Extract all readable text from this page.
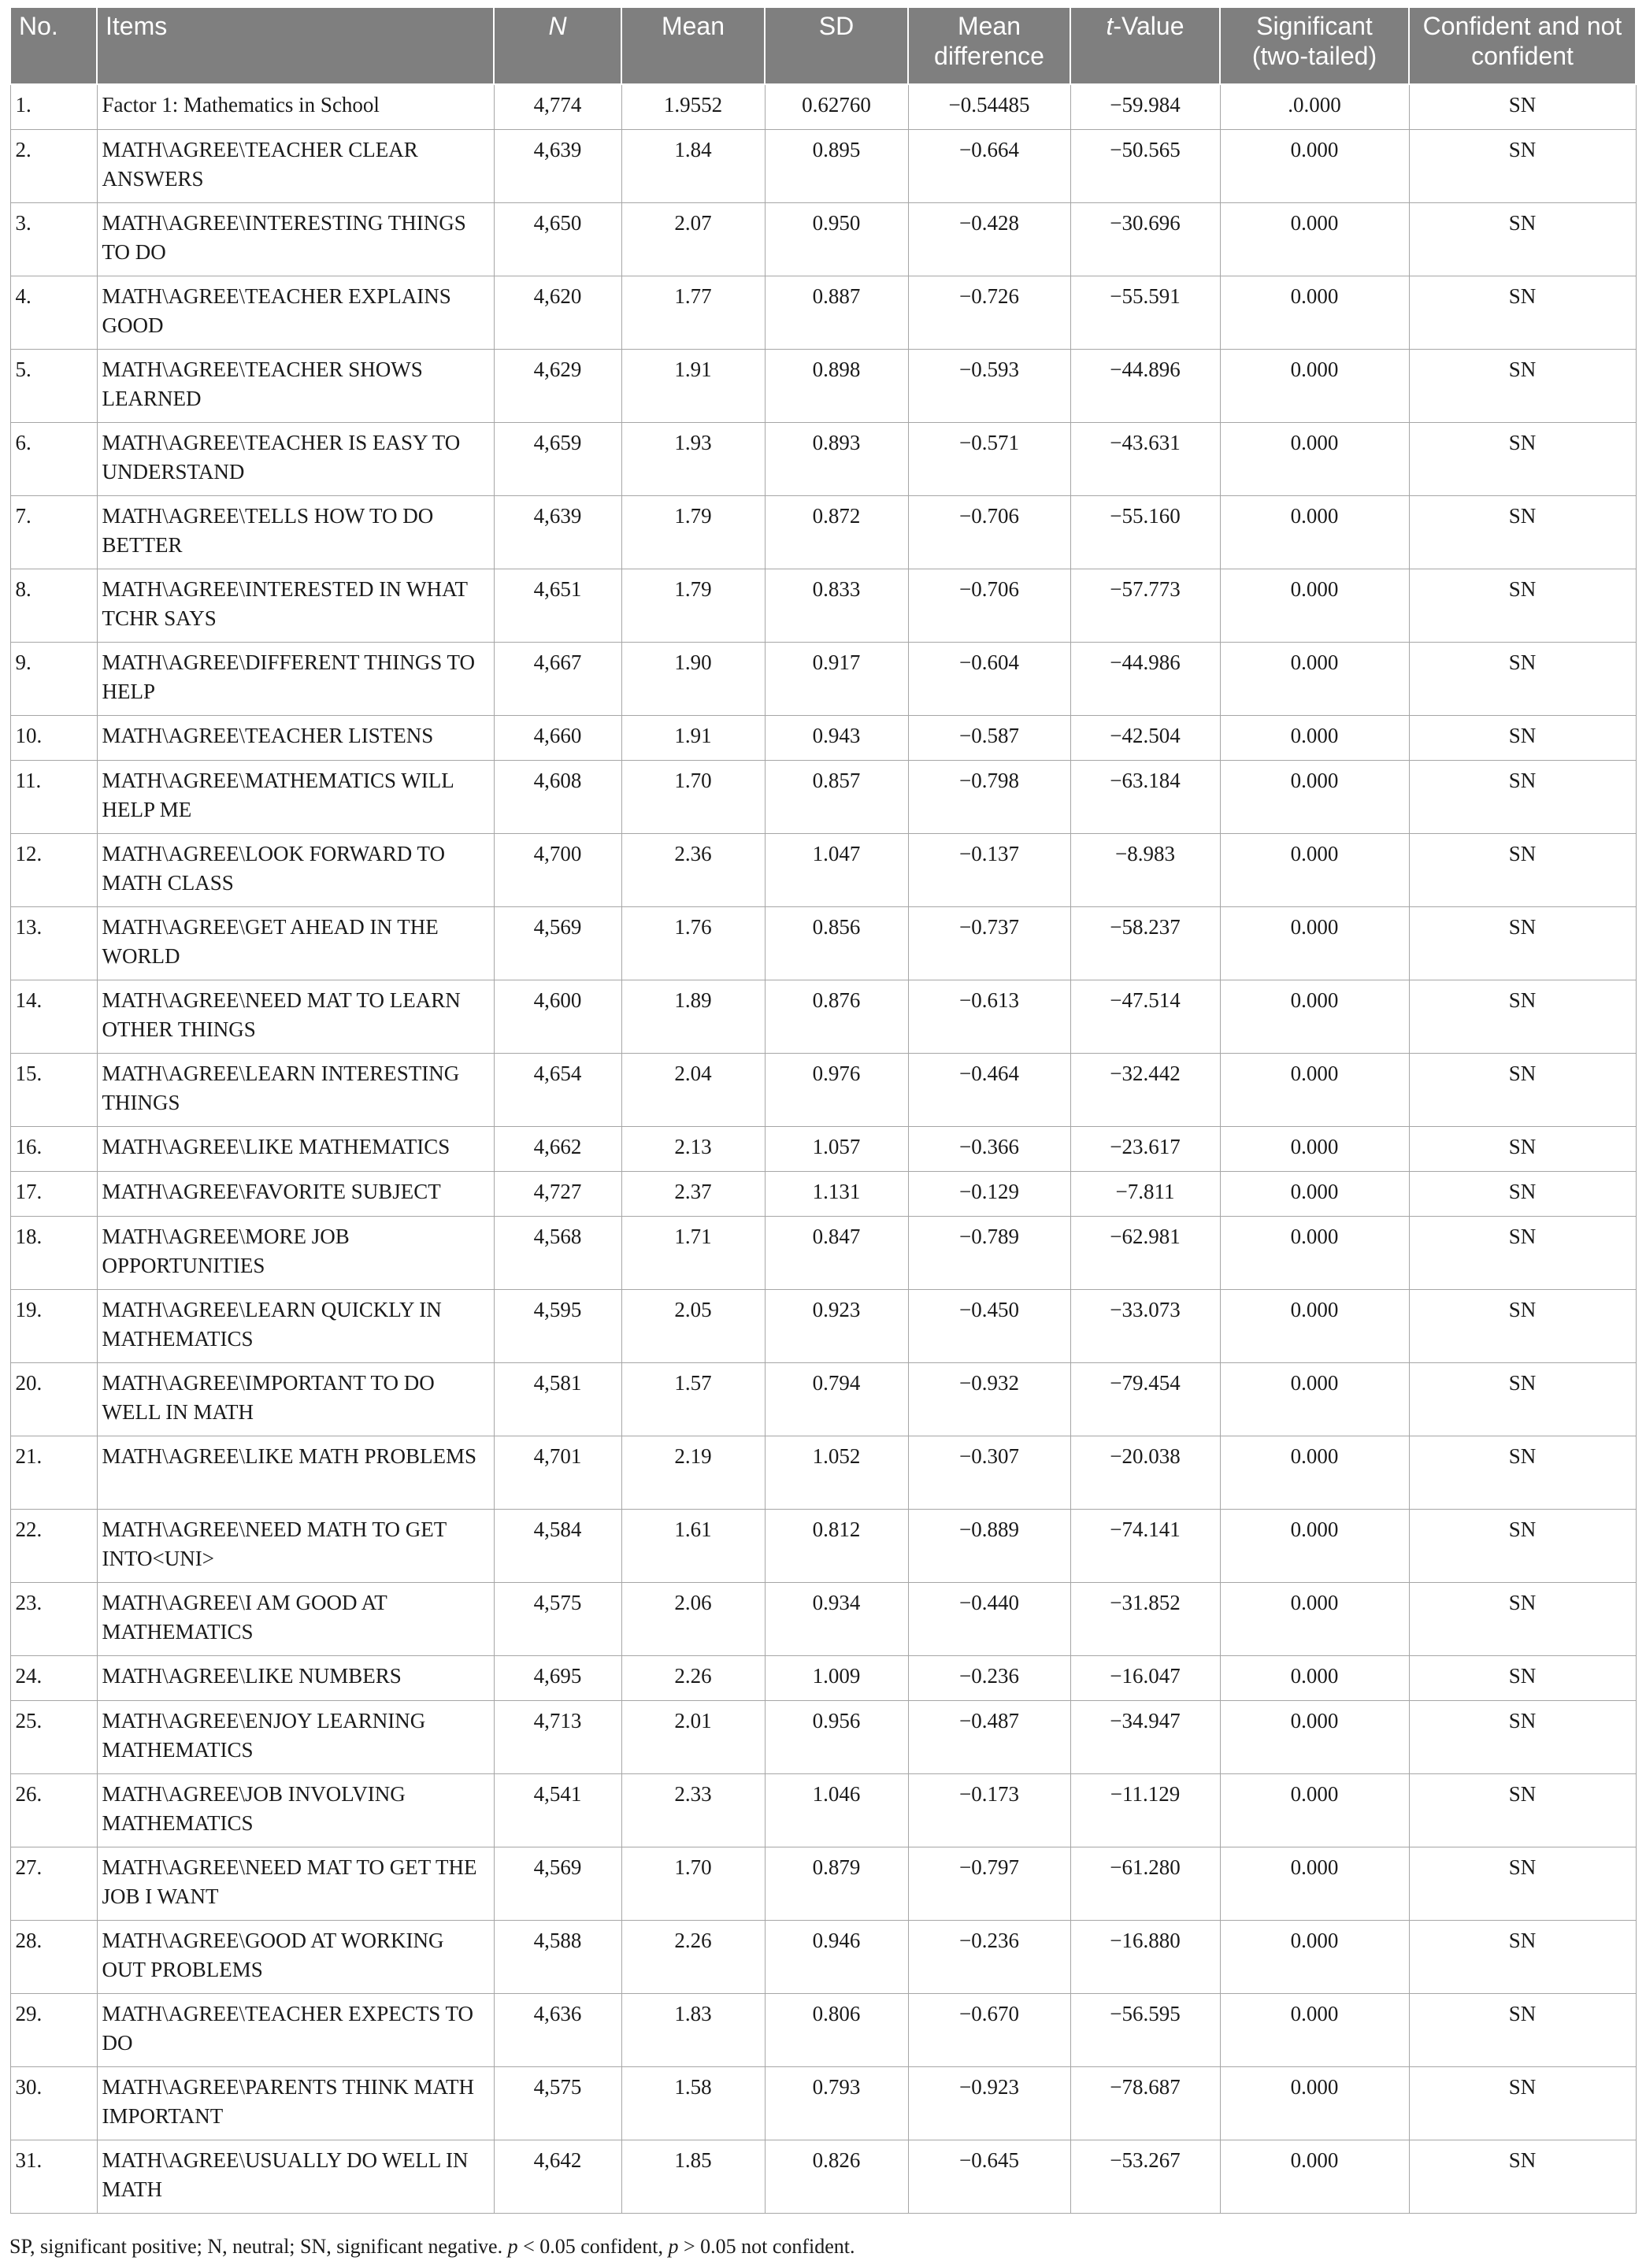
No.	Items	N	Mean	SD	Mean difference	t-Value	Significant (two-tailed)	Confident and not confident
1.	Factor 1: Mathematics in School	4,774	1.9552	0.62760	−0.54485	−59.984	.0.000	SN
2.	MATH\AGREE\TEACHER CLEAR ANSWERS	4,639	1.84	0.895	−0.664	−50.565	0.000	SN
3.	MATH\AGREE\INTERESTING THINGS TO DO	4,650	2.07	0.950	−0.428	−30.696	0.000	SN
4.	MATH\AGREE\TEACHER EXPLAINS GOOD	4,620	1.77	0.887	−0.726	−55.591	0.000	SN
5.	MATH\AGREE\TEACHER SHOWS LEARNED	4,629	1.91	0.898	−0.593	−44.896	0.000	SN
6.	MATH\AGREE\TEACHER IS EASY TO UNDERSTAND	4,659	1.93	0.893	−0.571	−43.631	0.000	SN
7.	MATH\AGREE\TELLS HOW TO DO BETTER	4,639	1.79	0.872	−0.706	−55.160	0.000	SN
8.	MATH\AGREE\INTERESTED IN WHAT TCHR SAYS	4,651	1.79	0.833	−0.706	−57.773	0.000	SN
9.	MATH\AGREE\DIFFERENT THINGS TO HELP	4,667	1.90	0.917	−0.604	−44.986	0.000	SN
10.	MATH\AGREE\TEACHER LISTENS	4,660	1.91	0.943	−0.587	−42.504	0.000	SN
11.	MATH\AGREE\MATHEMATICS WILL HELP ME	4,608	1.70	0.857	−0.798	−63.184	0.000	SN
12.	MATH\AGREE\LOOK FORWARD TO MATH CLASS	4,700	2.36	1.047	−0.137	−8.983	0.000	SN
13.	MATH\AGREE\GET AHEAD IN THE WORLD	4,569	1.76	0.856	−0.737	−58.237	0.000	SN
14.	MATH\AGREE\NEED MAT TO LEARN OTHER THINGS	4,600	1.89	0.876	−0.613	−47.514	0.000	SN
15.	MATH\AGREE\LEARN INTERESTING THINGS	4,654	2.04	0.976	−0.464	−32.442	0.000	SN
16.	MATH\AGREE\LIKE MATHEMATICS	4,662	2.13	1.057	−0.366	−23.617	0.000	SN
17.	MATH\AGREE\FAVORITE SUBJECT	4,727	2.37	1.131	−0.129	−7.811	0.000	SN
18.	MATH\AGREE\MORE JOB OPPORTUNITIES	4,568	1.71	0.847	−0.789	−62.981	0.000	SN
19.	MATH\AGREE\LEARN QUICKLY IN MATHEMATICS	4,595	2.05	0.923	−0.450	−33.073	0.000	SN
20.	MATH\AGREE\IMPORTANT TO DO WELL IN MATH	4,581	1.57	0.794	−0.932	−79.454	0.000	SN
21.	MATH\AGREE\LIKE MATH PROBLEMS	4,701	2.19	1.052	−0.307	−20.038	0.000	SN
22.	MATH\AGREE\NEED MATH TO GET INTO<UNI>	4,584	1.61	0.812	−0.889	−74.141	0.000	SN
23.	MATH\AGREE\I AM GOOD AT MATHEMATICS	4,575	2.06	0.934	−0.440	−31.852	0.000	SN
24.	MATH\AGREE\LIKE NUMBERS	4,695	2.26	1.009	−0.236	−16.047	0.000	SN
25.	MATH\AGREE\ENJOY LEARNING MATHEMATICS	4,713	2.01	0.956	−0.487	−34.947	0.000	SN
26.	MATH\AGREE\JOB INVOLVING MATHEMATICS	4,541	2.33	1.046	−0.173	−11.129	0.000	SN
27.	MATH\AGREE\NEED MAT TO GET THE JOB I WANT	4,569	1.70	0.879	−0.797	−61.280	0.000	SN
28.	MATH\AGREE\GOOD AT WORKING OUT PROBLEMS	4,588	2.26	0.946	−0.236	−16.880	0.000	SN
29.	MATH\AGREE\TEACHER EXPECTS TO DO	4,636	1.83	0.806	−0.670	−56.595	0.000	SN
30.	MATH\AGREE\PARENTS THINK MATH IMPORTANT	4,575	1.58	0.793	−0.923	−78.687	0.000	SN
31.	MATH\AGREE\USUALLY DO WELL IN MATH	4,642	1.85	0.826	−0.645	−53.267	0.000	SN
SP, significant positive; N, neutral; SN, significant negative. p < 0.05 confident, p > 0.05 not confident.
